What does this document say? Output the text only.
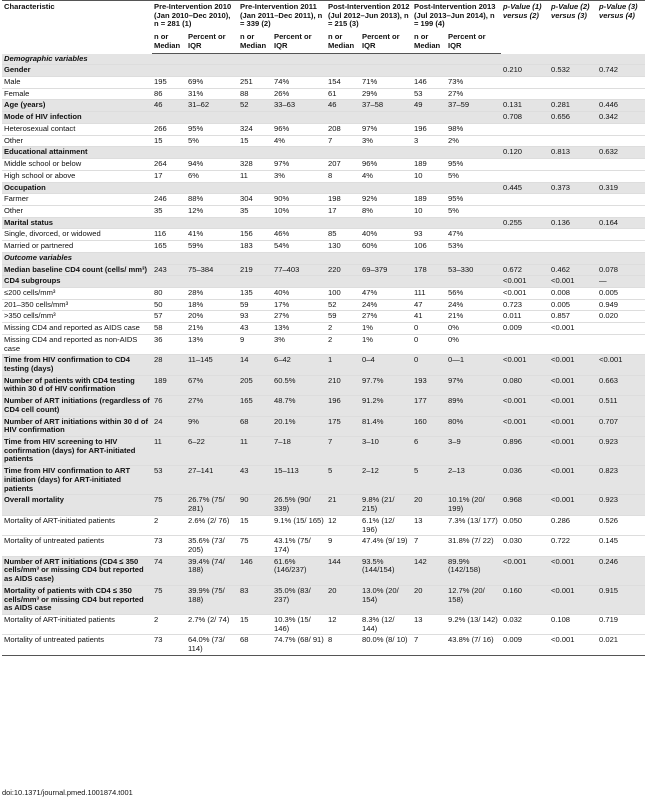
Characteristic	Pre-Intervention 2010 (Jan 2010–Dec 2010), n = 281 (1)		Pre-Intervention 2011 (Jan 2011–Dec 2011), n = 339 (2)		Post-Intervention 2012 (Jul 2012–Jun 2013), n = 215 (3)		Post-Intervention 2013 (Jul 2013–Jun 2014), n = 199 (4)		p-Value (1) versus (2)	p-Value (2) versus (3)	p-Value (3) versus (4)
	n or Median	Percent or IQR	n or Median	Percent or IQR	n or Median	Percent or IQR	n or Median	Percent or IQR			
Demographic variables											
Gender									0.210	0.532	0.742
Male	195	69%	251	74%	154	71%	146	73%			
Female	86	31%	88	26%	61	29%	53	27%			
Age (years)	46	31–62	52	33–63	46	37–58	49	37–59	0.131	0.281	0.446
Mode of HIV infection									0.708	0.656	0.342
Heterosexual contact	266	95%	324	96%	208	97%	196	98%			
Other	15	5%	15	4%	7	3%	3	2%			
Educational attainment									0.120	0.813	0.632
Middle school or below	264	94%	328	97%	207	96%	189	95%			
High school or above	17	6%	11	3%	8	4%	10	5%			
Occupation									0.445	0.373	0.319
Farmer	246	88%	304	90%	198	92%	189	95%			
Other	35	12%	35	10%	17	8%	10	5%			
Marital status									0.255	0.136	0.164
Single, divorced, or widowed	116	41%	156	46%	85	40%	93	47%			
Married or partnered	165	59%	183	54%	130	60%	106	53%			
Outcome variables											
Median baseline CD4 count (cells/ mm³)	243	75–384	219	77–403	220	69–379	178	53–330	0.672	0.462	0.078
CD4 subgroups									<0.001	<0.001	—
≤200 cells/mm³	80	28%	135	40%	100	47%	111	56%	<0.001	0.008	0.005
201–350 cells/mm³	50	18%	59	17%	52	24%	47	24%	0.723	0.005	0.949
>350 cells/mm³	57	20%	93	27%	59	27%	41	21%	0.011	0.857	0.020
Missing CD4 and reported as AIDS case	58	21%	43	13%	2	1%	0	0%	0.009	<0.001	
Missing CD4 and reported as non-AIDS case	36	13%	9	3%	2	1%	0	0%			
Time from HIV confirmation to CD4 testing (days)	28	11–145	14	6–42	1	0–4	0	0—1	<0.001	<0.001	<0.001
Number of patients with CD4 testing within 30 d of HIV confirmation	189	67%	205	60.5%	210	97.7%	193	97%	0.080	<0.001	0.663
Number of ART initiations (regardless of CD4 cell count)	76	27%	165	48.7%	196	91.2%	177	89%	<0.001	<0.001	0.511
Number of ART initiations within 30 d of HIV confirmation	24	9%	68	20.1%	175	81.4%	160	80%	<0.001	<0.001	0.707
Time from HIV screening to HIV confirmation (days) for ART-initiated patients	11	6–22	11	7–18	7	3–10	6	3–9	0.896	<0.001	0.923
Time from HIV confirmation to ART initiation (days) for ART-initiated patients	53	27–141	43	15–113	5	2–12	5	2–13	0.036	<0.001	0.823
Overall mortality	75	26.7% (75/ 281)	90	26.5% (90/ 339)	21	9.8% (21/ 215)	20	10.1% (20/ 199)	0.968	<0.001	0.923
Mortality of ART-initiated patients	2	2.6% (2/ 76)	15	9.1% (15/ 165)	12	6.1% (12/ 196)	13	7.3% (13/ 177)	0.050	0.286	0.526
Mortality of untreated patients	73	35.6% (73/ 205)	75	43.1% (75/ 174)	9	47.4% (9/ 19)	7	31.8% (7/ 22)	0.030	0.722	0.145
Number of ART initiations (CD4 ≤ 350 cells/mm³ or missing CD4 but reported as AIDS case)	74	39.4% (74/ 188)	146	61.6% (146/237)	144	93.5% (144/154)	142	89.9% (142/158)	<0.001	<0.001	0.246
Mortality of patients with CD4 ≤ 350 cells/mm³ or missing CD4 but reported as AIDS case	75	39.9% (75/ 188)	83	35.0% (83/ 237)	20	13.0% (20/ 154)	20	12.7% (20/ 158)	0.160	<0.001	0.915
Mortality of ART-initiated patients	2	2.7% (2/ 74)	15	10.3% (15/ 146)	12	8.3% (12/ 144)	13	9.2% (13/ 142)	0.032	0.108	0.719
Mortality of untreated patients	73	64.0% (73/ 114)	68	74.7% (68/ 91)	8	80.0% (8/ 10)	7	43.8% (7/ 16)	0.009	<0.001	0.021
doi:10.1371/journal.pmed.1001874.t001
